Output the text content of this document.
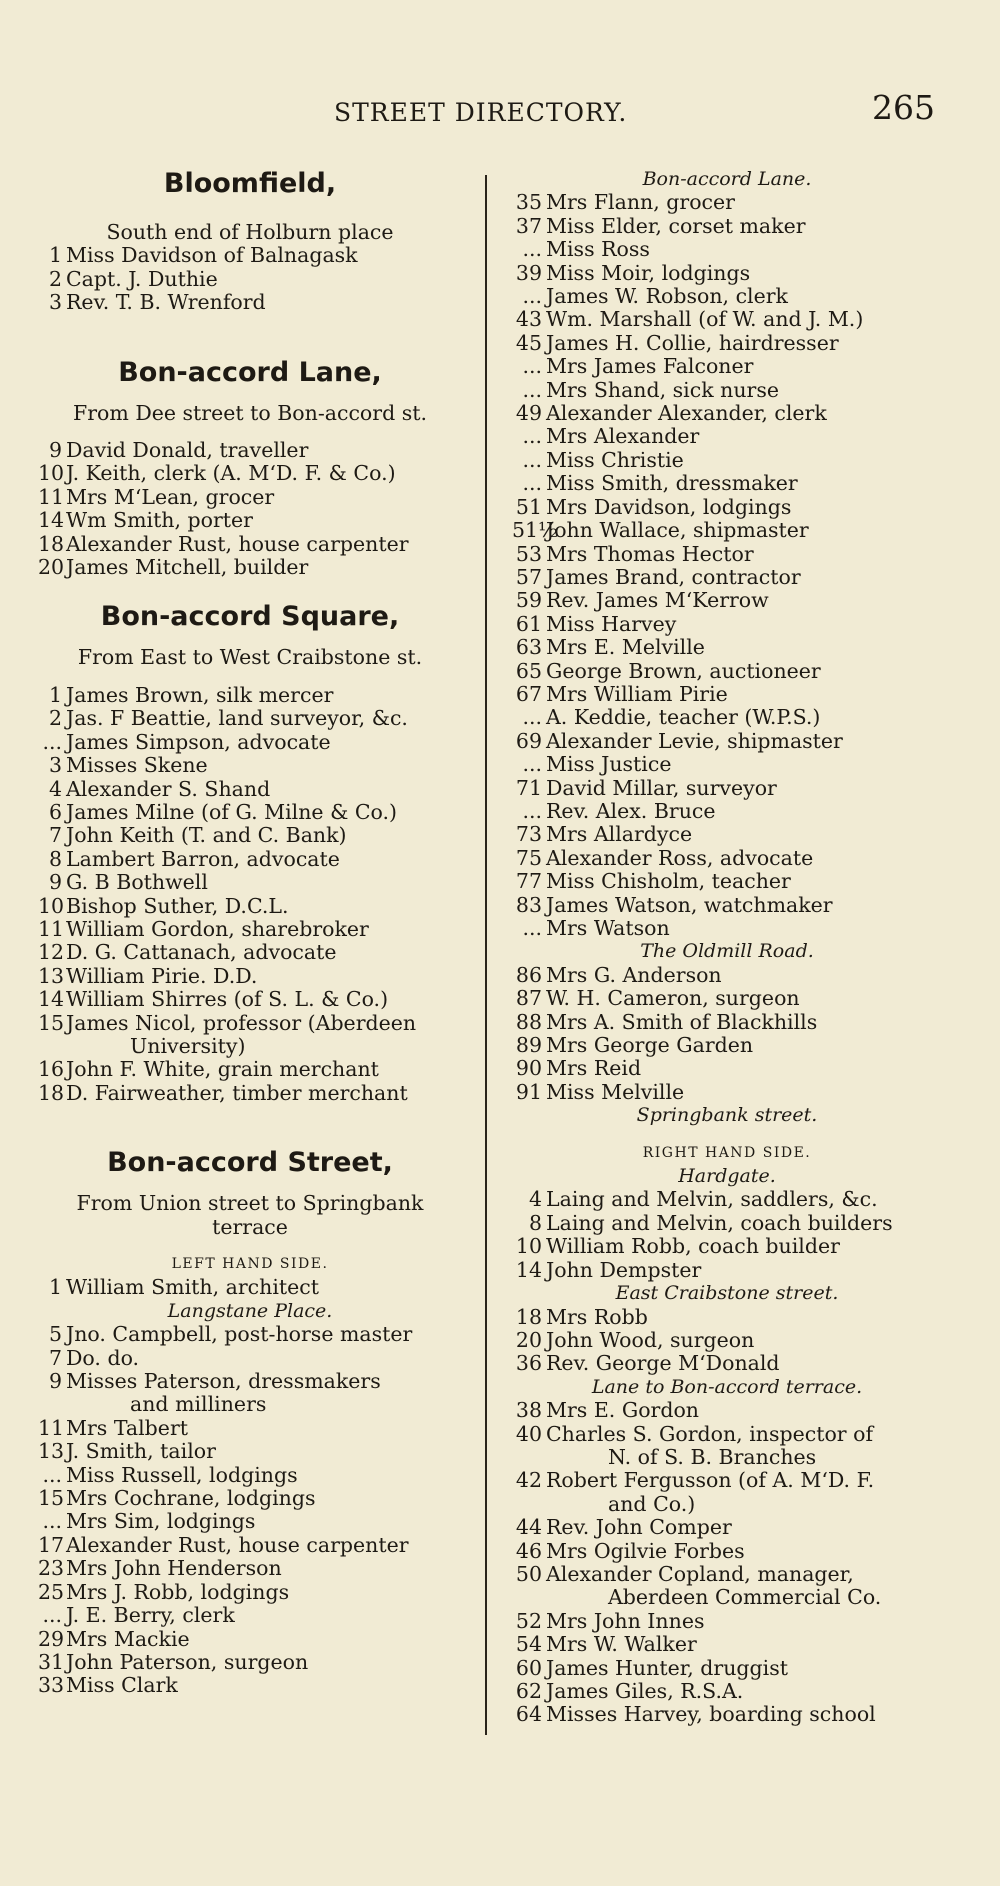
STREET DIRECTORY.	265
Bloomfield,
South end of Holburn place
1 Miss Davidson of Balnagask
2 Capt. J. Duthie
3 Rev. T. B. Wrenford
Bon-accord Lane,
From Dee street to Bon-accord st.
9 David Donald, traveller
10J. Keith, clerk (A. M‘D. F. & Co.)
11Mrs M‘Lean, grocer
14Wm Smith, porter
18Alexander Rust, house carpenter
20James Mitchell, builder
Bon-accord Square,
From East to West Craibstone st.
1 James Brown, silk mercer
2 Jas. F Beattie, land surveyor, &c.
... James Simpson, advocate
3 Misses Skene
4 Alexander S. Shand
6 James Milne (of G. Milne & Co.)
7 John Keith (T. and C. Bank)
8 Lambert Barron, advocate
9 G. B Bothwell
10Bishop Suther, D.C.L.
11William Gordon, sharebroker
12D. G. Cattanach, advocate
13William Pirie. D.D.
14William Shirres (of S. L. & Co.)
15James Nicol, professor (Aberdeen
University)
16John F. White, grain merchant
18D. Fairweather, timber merchant
Bon-accord Street,
From Union street to Springbank
terrace
LEFT HAND SIDE.
1 William Smith, architect
Langstane Place.
5 Jno. Campbell, post-horse master
7 Do. do.
9 Misses Paterson, dressmakers
and milliners
11Mrs Talbert
13J. Smith, tailor
... Miss Russell, lodgings
15Mrs Cochrane, lodgings
... Mrs Sim, lodgings
17Alexander Rust, house carpenter
23Mrs John Henderson
25Mrs J. Robb, lodgings
... J. E. Berry, clerk
29Mrs Mackie
31John Paterson, surgeon
33Miss Clark
Bon-accord Lane.
35 Mrs Flann, grocer
37 Miss Elder, corset maker
... Miss Ross
39 Miss Moir, lodgings
... James W. Robson, clerk
43 Wm. Marshall (of W. and J. M.)
45 James H. Collie, hairdresser
... Mrs James Falconer
... Mrs Shand, sick nurse
49 Alexander Alexander, clerk
... Mrs Alexander
... Miss Christie
... Miss Smith, dressmaker
51 Mrs Davidson, lodgings
51½John Wallace, shipmaster
53 Mrs Thomas Hector
57 James Brand, contractor
59 Rev. James M‘Kerrow
61 Miss Harvey
63 Mrs E. Melville
65 George Brown, auctioneer
67 Mrs William Pirie
... A. Keddie, teacher (W.P.S.)
69 Alexander Levie, shipmaster
... Miss Justice
71 David Millar, surveyor
... Rev. Alex. Bruce
73 Mrs Allardyce
75 Alexander Ross, advocate
77 Miss Chisholm, teacher
83 James Watson, watchmaker
... Mrs Watson
The Oldmill Road.
86 Mrs G. Anderson
87 W. H. Cameron, surgeon
88 Mrs A. Smith of Blackhills
89 Mrs George Garden
90 Mrs Reid
91 Miss Melville
Springbank street.
RIGHT HAND SIDE.
Hardgate.
4 Laing and Melvin, saddlers, &c.
8 Laing and Melvin, coach builders
10 William Robb, coach builder
14 John Dempster
East Craibstone street.
18 Mrs Robb
20 John Wood, surgeon
36 Rev. George M‘Donald
Lane to Bon-accord terrace.
38 Mrs E. Gordon
40 Charles S. Gordon, inspector of
N. of S. B. Branches
42 Robert Fergusson (of A. M‘D. F.
and Co.)
44 Rev. John Comper
46 Mrs Ogilvie Forbes
50 Alexander Copland, manager,
Aberdeen Commercial Co.
52 Mrs John Innes
54 Mrs W. Walker
60 James Hunter, druggist
62 James Giles, R.S.A.
64 Misses Harvey, boarding school
